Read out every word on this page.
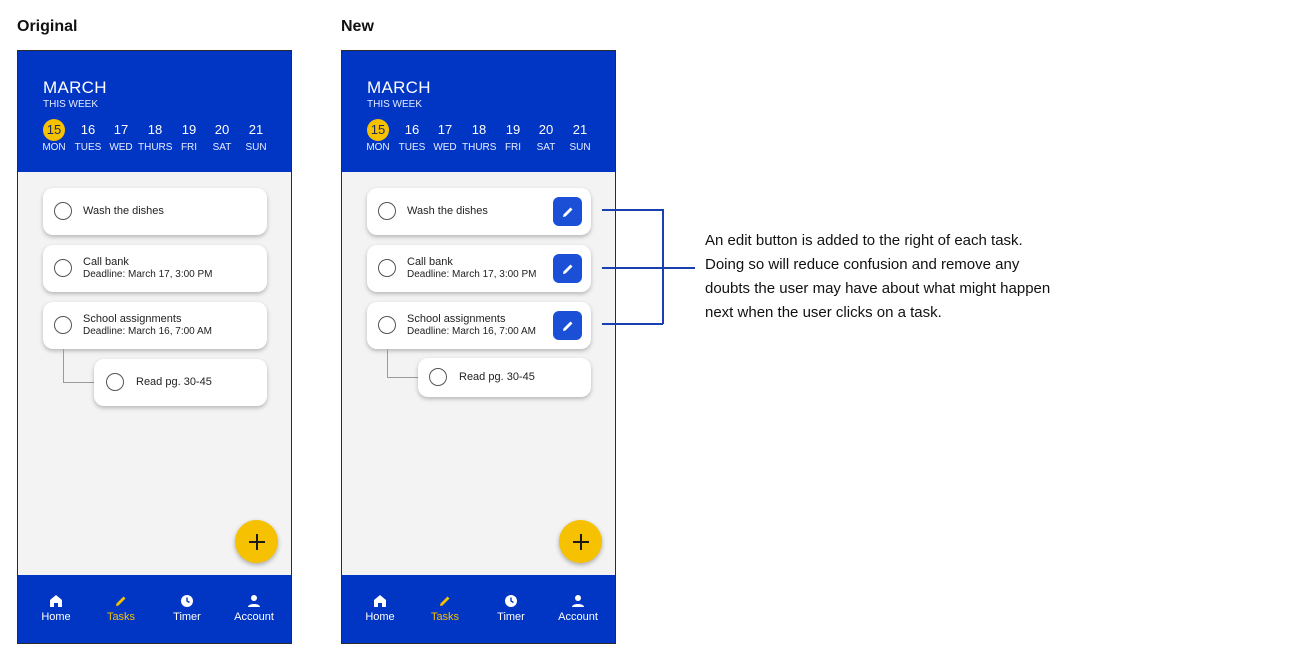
Original	New
MARCH
THIS WEEK
15
MON
16
TUES
17
WED
18
THURS
19
FRI
20
SAT
21
SUN
Wash the dishes
Call bank
Deadline: March 17, 3:00 PM
School assignments
Deadline: March 16, 7:00 AM
Read pg. 30-45
Home	Tasks	Timer	Account
MARCH
THIS WEEK
15
MON
16
TUES
17
WED
18
THURS
19
FRI
20
SAT
21
SUN
Wash the dishes
Call bank
Deadline: March 17, 3:00 PM
School assignments
Deadline: March 16, 7:00 AM
Read pg. 30-45
Home	Tasks	Timer	Account
An edit button is added to the right of each task.
Doing so will reduce confusion and remove any
doubts the user may have about what might happen
next when the user clicks on a task.
